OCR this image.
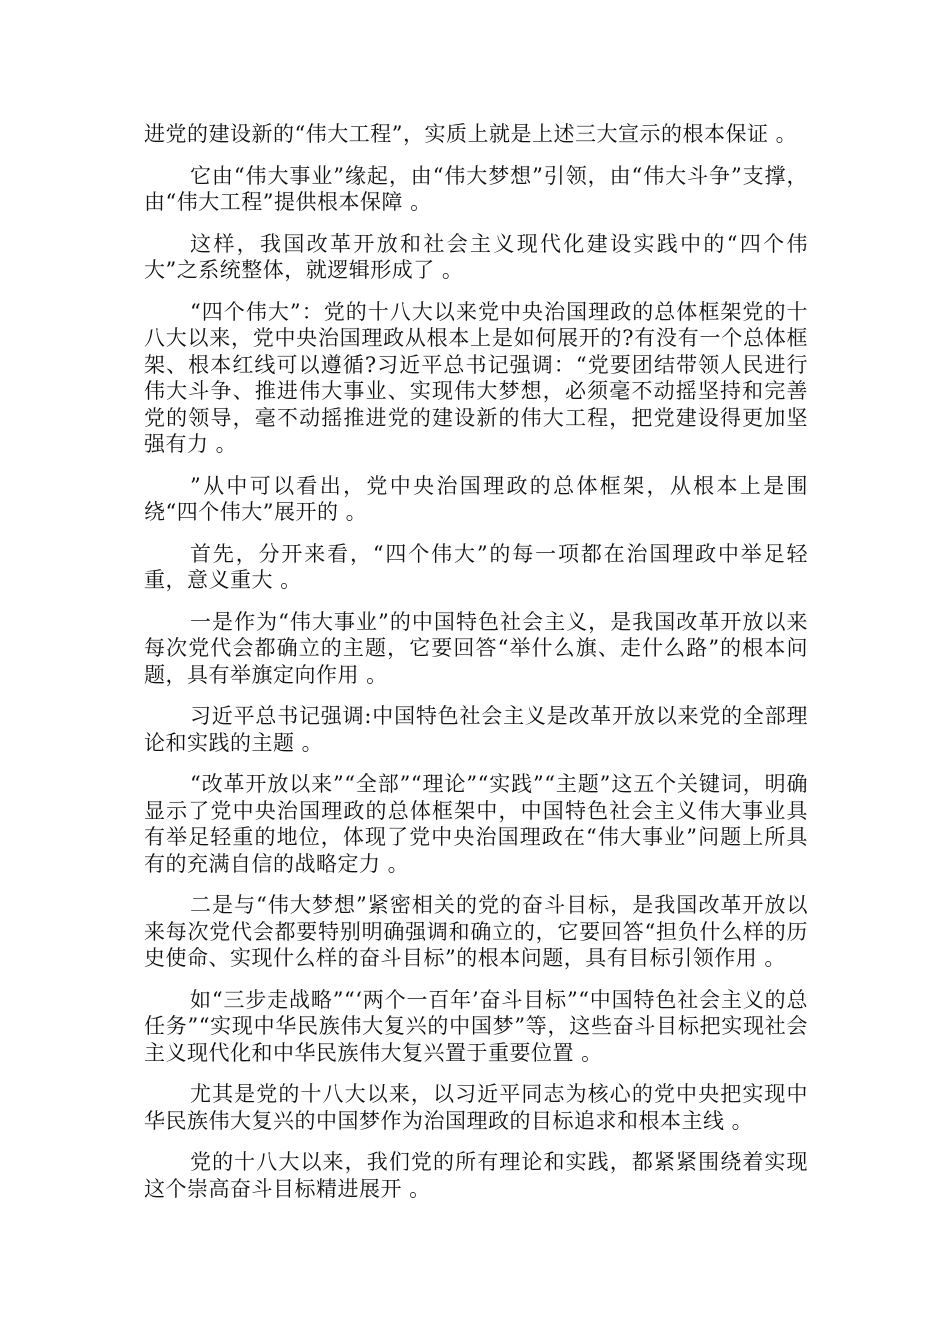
进党的建设新的“伟大工程”，实质上就是上述三大宣示的根本保证 。

它由“伟大事业”缘起，由“伟大梦想”引领，由“伟大斗争”支撑，由“伟大工程”提供根本保障 。

这样，我国改革开放和社会主义现代化建设实践中的“四个伟大”之系统整体，就逻辑形成了 。

“四个伟大”：党的十八大以来党中央治国理政的总体框架党的十八大以来，党中央治国理政从根本上是如何展开的?有没有一个总体框架、根本红线可以遵循?习近平总书记强调：“党要团结带领人民进行伟大斗争、推进伟大事业、实现伟大梦想，必须毫不动摇坚持和完善党的领导，毫不动摇推进党的建设新的伟大工程，把党建设得更加坚强有力 。

”从中可以看出，党中央治国理政的总体框架，从根本上是围绕“四个伟大”展开的 。

首先，分开来看，“四个伟大”的每一项都在治国理政中举足轻重，意义重大 。

一是作为“伟大事业”的中国特色社会主义，是我国改革开放以来每次党代会都确立的主题，它要回答“举什么旗、走什么路”的根本问题，具有举旗定向作用 。

习近平总书记强调:中国特色社会主义是改革开放以来党的全部理论和实践的主题 。

“改革开放以来”“全部”“理论”“实践”“主题”这五个关键词，明确显示了党中央治国理政的总体框架中，中国特色社会主义伟大事业具有举足轻重的地位，体现了党中央治国理政在“伟大事业”问题上所具有的充满自信的战略定力 。

二是与“伟大梦想”紧密相关的党的奋斗目标，是我国改革开放以来每次党代会都要特别明确强调和确立的，它要回答“担负什么样的历史使命、实现什么样的奋斗目标”的根本问题，具有目标引领作用 。

如“三步走战略”“‘两个一百年’奋斗目标”“中国特色社会主义的总任务”“实现中华民族伟大复兴的中国梦”等，这些奋斗目标把实现社会主义现代化和中华民族伟大复兴置于重要位置 。

尤其是党的十八大以来，以习近平同志为核心的党中央把实现中华民族伟大复兴的中国梦作为治国理政的目标追求和根本主线 。

党的十八大以来，我们党的所有理论和实践，都紧紧围绕着实现这个崇高奋斗目标精进展开 。
